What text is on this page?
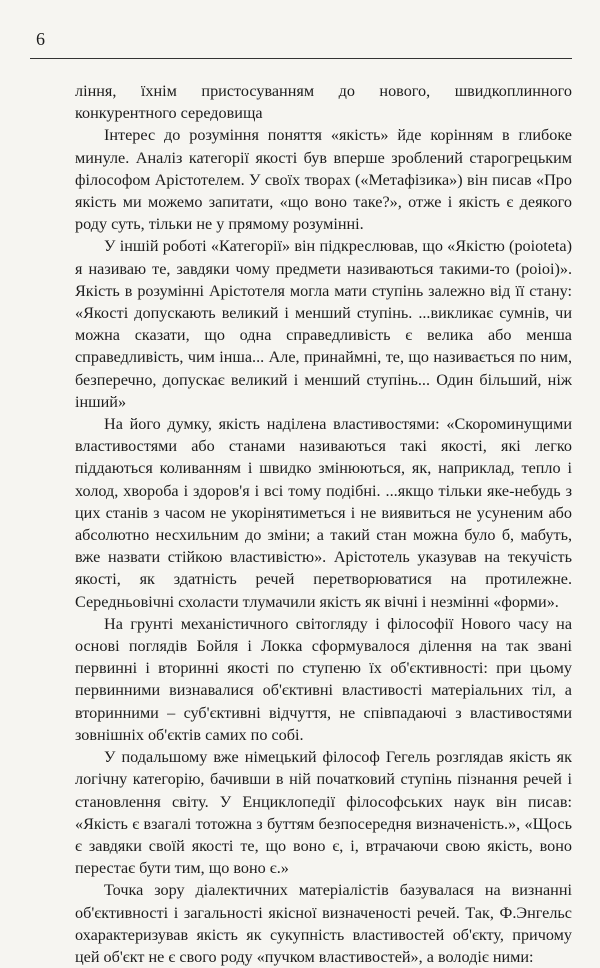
6

ління, їхнім пристосуванням до нового, швидкоплинного конкурентного середовища

Інтерес до розуміння поняття «якість» йде корінням в глибоке минуле. Аналіз категорії якості був вперше зроблений старогрецьким філософом Арістотелем. У своїх творах («Метафізика») він писав «Про якість ми можемо запитати, «що воно таке?», отже і якість є деякого роду суть, тільки не у прямому розумінні.

У іншій роботі «Категорії» він підкреслював, що «Якістю (poioteta) я називаю те, завдяки чому предмети називаються такими-то (poioi)». Якість в розумінні Арістотеля могла мати ступінь залежно від її стану: «Якості допускають великий і менший ступінь. ...викликає сумнів, чи можна сказати, що одна справедливість є велика або менша справедливість, чим інша... Але, принаймні, те, що називається по ним, безперечно, допускає великий і менший ступінь... Один більший, ніж інший»

На його думку, якість наділена властивостями: «Скороминущими властивостями або станами називаються такі якості, які легко піддаються коливанням і швидко змінюються, як, наприклад, тепло і холод, хвороба і здоров'я і всі тому подібні. ...якщо тільки яке-небудь з цих станів з часом не укорінятиметься і не виявиться не усуненим або абсолютно несхильним до зміни; а такий стан можна було б, мабуть, вже назвати стійкою властивістю». Арістотель указував на текучість якості, як здатність речей перетворюватися на протилежне. Середньовічні схоласти тлумачили якість як вічні і незмінні «форми».

На грунті механістичного світогляду і філософії Нового часу на основі поглядів Бойля і Локка сформувалося ділення на так звані первинні і вторинні якості по ступеню їх об'єктивності: при цьому первинними визнавалися об'єктивні властивості матеріальних тіл, а вторинними – суб'єктивні відчуття, не співпадаючі з властивостями зовнішніх об'єктів самих по собі.

У подальшому вже німецький філософ Гегель розглядав якість як логічну категорію, бачивши в ній початковий ступінь пізнання речей і становлення світу. У Енциклопедії філософських наук він писав: «Якість є взагалі тотожна з буттям безпосередня визначеність.», «Щось є завдяки своїй якості те, що воно є, і, втрачаючи свою якість, воно перестає бути тим, що воно є.»

Точка зору діалектичних матеріалістів базувалася на визнанні об'єктивності і загальності якісної визначеності речей. Так, Ф.Энгельс охарактеризував якість як сукупність властивостей об'єкту, причому цей об'єкт не є свого роду «пучком властивостей», а володіє ними:
